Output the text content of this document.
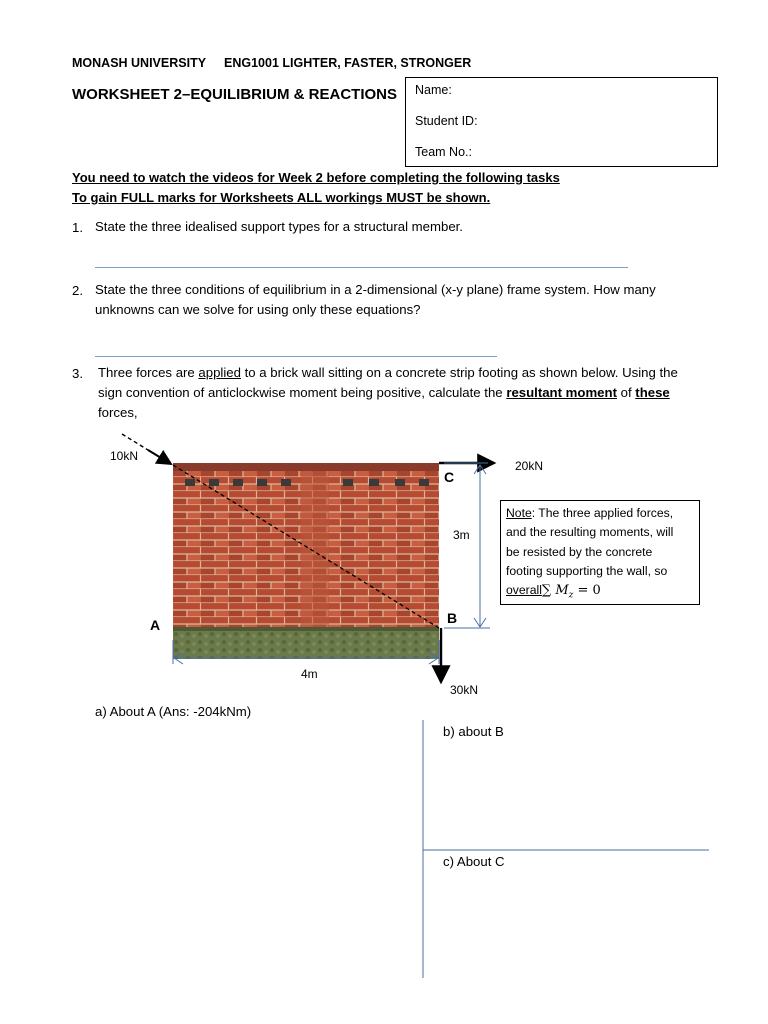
MONASH UNIVERSITY ENG1001 LIGHTER, FASTER, STRONGER
WORKSHEET 2–EQUILIBRIUM & REACTIONS Name:
Student ID:
Team No.:
You need to watch the videos for Week 2 before completing the following tasks
To gain FULL marks for Worksheets ALL workings MUST be shown.
1. State the three idealised support types for a structural member.
2. State the three conditions of equilibrium in a 2-dimensional (x-y plane) frame system. How many
unknowns can we solve for using only these equations?
3. Three forces are applied to a brick wall sitting on a concrete strip footing as shown below. Using the
sign convention of anticlockwise moment being positive, calculate the resultant moment of these
forces,
10kN
20kN
30kN
A	B
C
3m
4m
Note: The three applied forces,
and the resulting moments, will
be resisted by the concrete
footing supporting the wall, so
overall∑ $M_z = 0$
a) About A (Ans: -204kNm)
b) about B
c) About C
